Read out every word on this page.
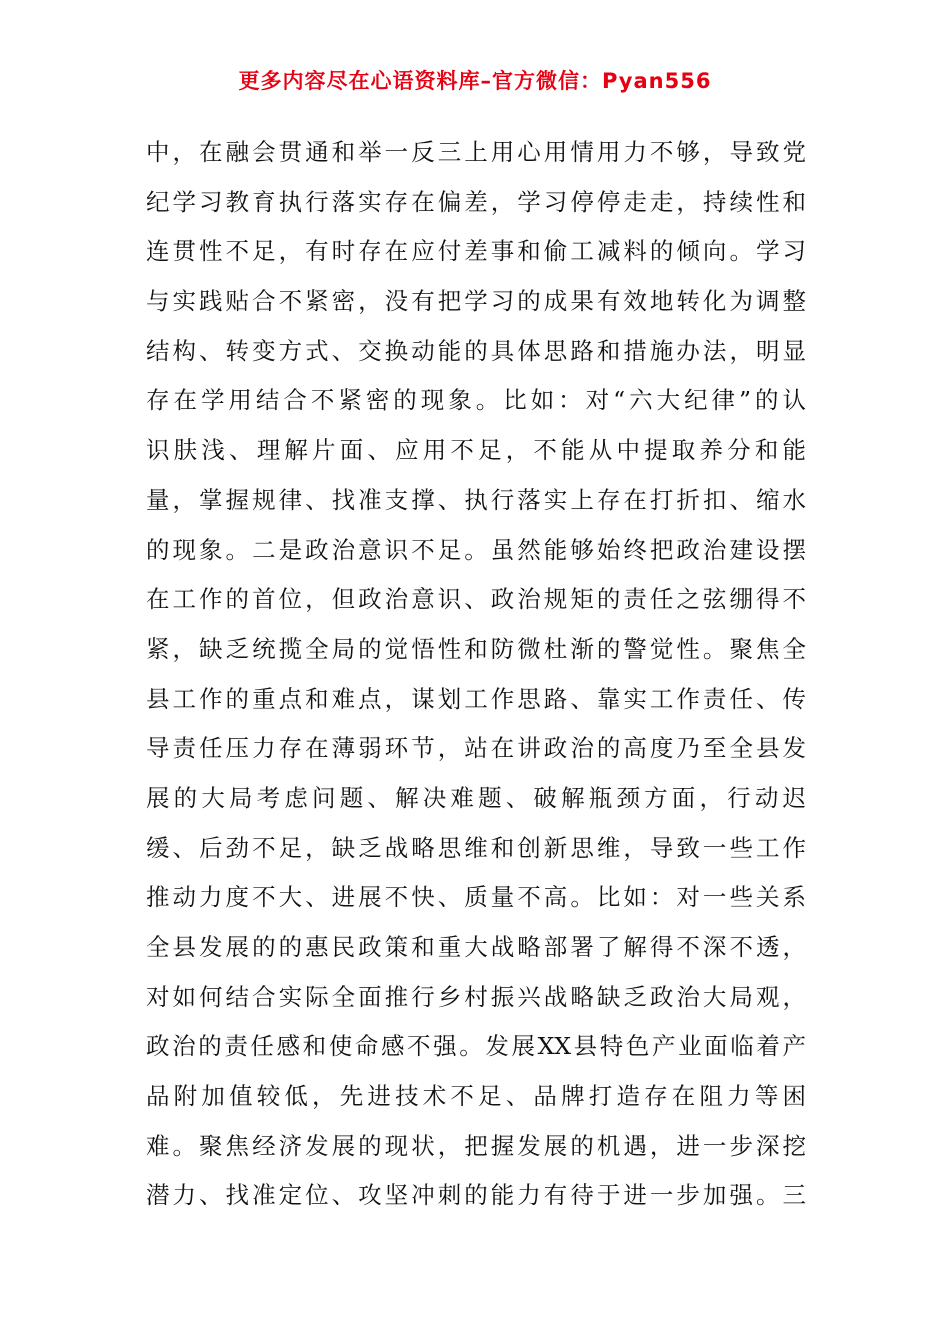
更多内容尽在心语资料库–官方微信：Pyan556
中，在融会贯通和举一反三上用心用情用力不够，导致党
纪学习教育执行落实存在偏差，学习停停走走，持续性和
连贯性不足，有时存在应付差事和偷工减料的倾向。学习
与实践贴合不紧密，没有把学习的成果有效地转化为调整
结构、转变方式、交换动能的具体思路和措施办法，明显
存在学用结合不紧密的现象。比如：对“六大纪律”的认
识肤浅、理解片面、应用不足，不能从中提取养分和能
量，掌握规律、找准支撑、执行落实上存在打折扣、缩水
的现象。二是政治意识不足。虽然能够始终把政治建设摆
在工作的首位，但政治意识、政治规矩的责任之弦绷得不
紧，缺乏统揽全局的觉悟性和防微杜渐的警觉性。聚焦全
县工作的重点和难点，谋划工作思路、靠实工作责任、传
导责任压力存在薄弱环节，站在讲政治的高度乃至全县发
展的大局考虑问题、解决难题、破解瓶颈方面，行动迟
缓、后劲不足，缺乏战略思维和创新思维，导致一些工作
推动力度不大、进展不快、质量不高。比如：对一些关系
全县发展的的惠民政策和重大战略部署了解得不深不透，
对如何结合实际全面推行乡村振兴战略缺乏政治大局观，
政治的责任感和使命感不强。发展XX县特色产业面临着产
品附加值较低，先进技术不足、品牌打造存在阻力等困
难。聚焦经济发展的现状，把握发展的机遇，进一步深挖
潜力、找准定位、攻坚冲刺的能力有待于进一步加强。三
